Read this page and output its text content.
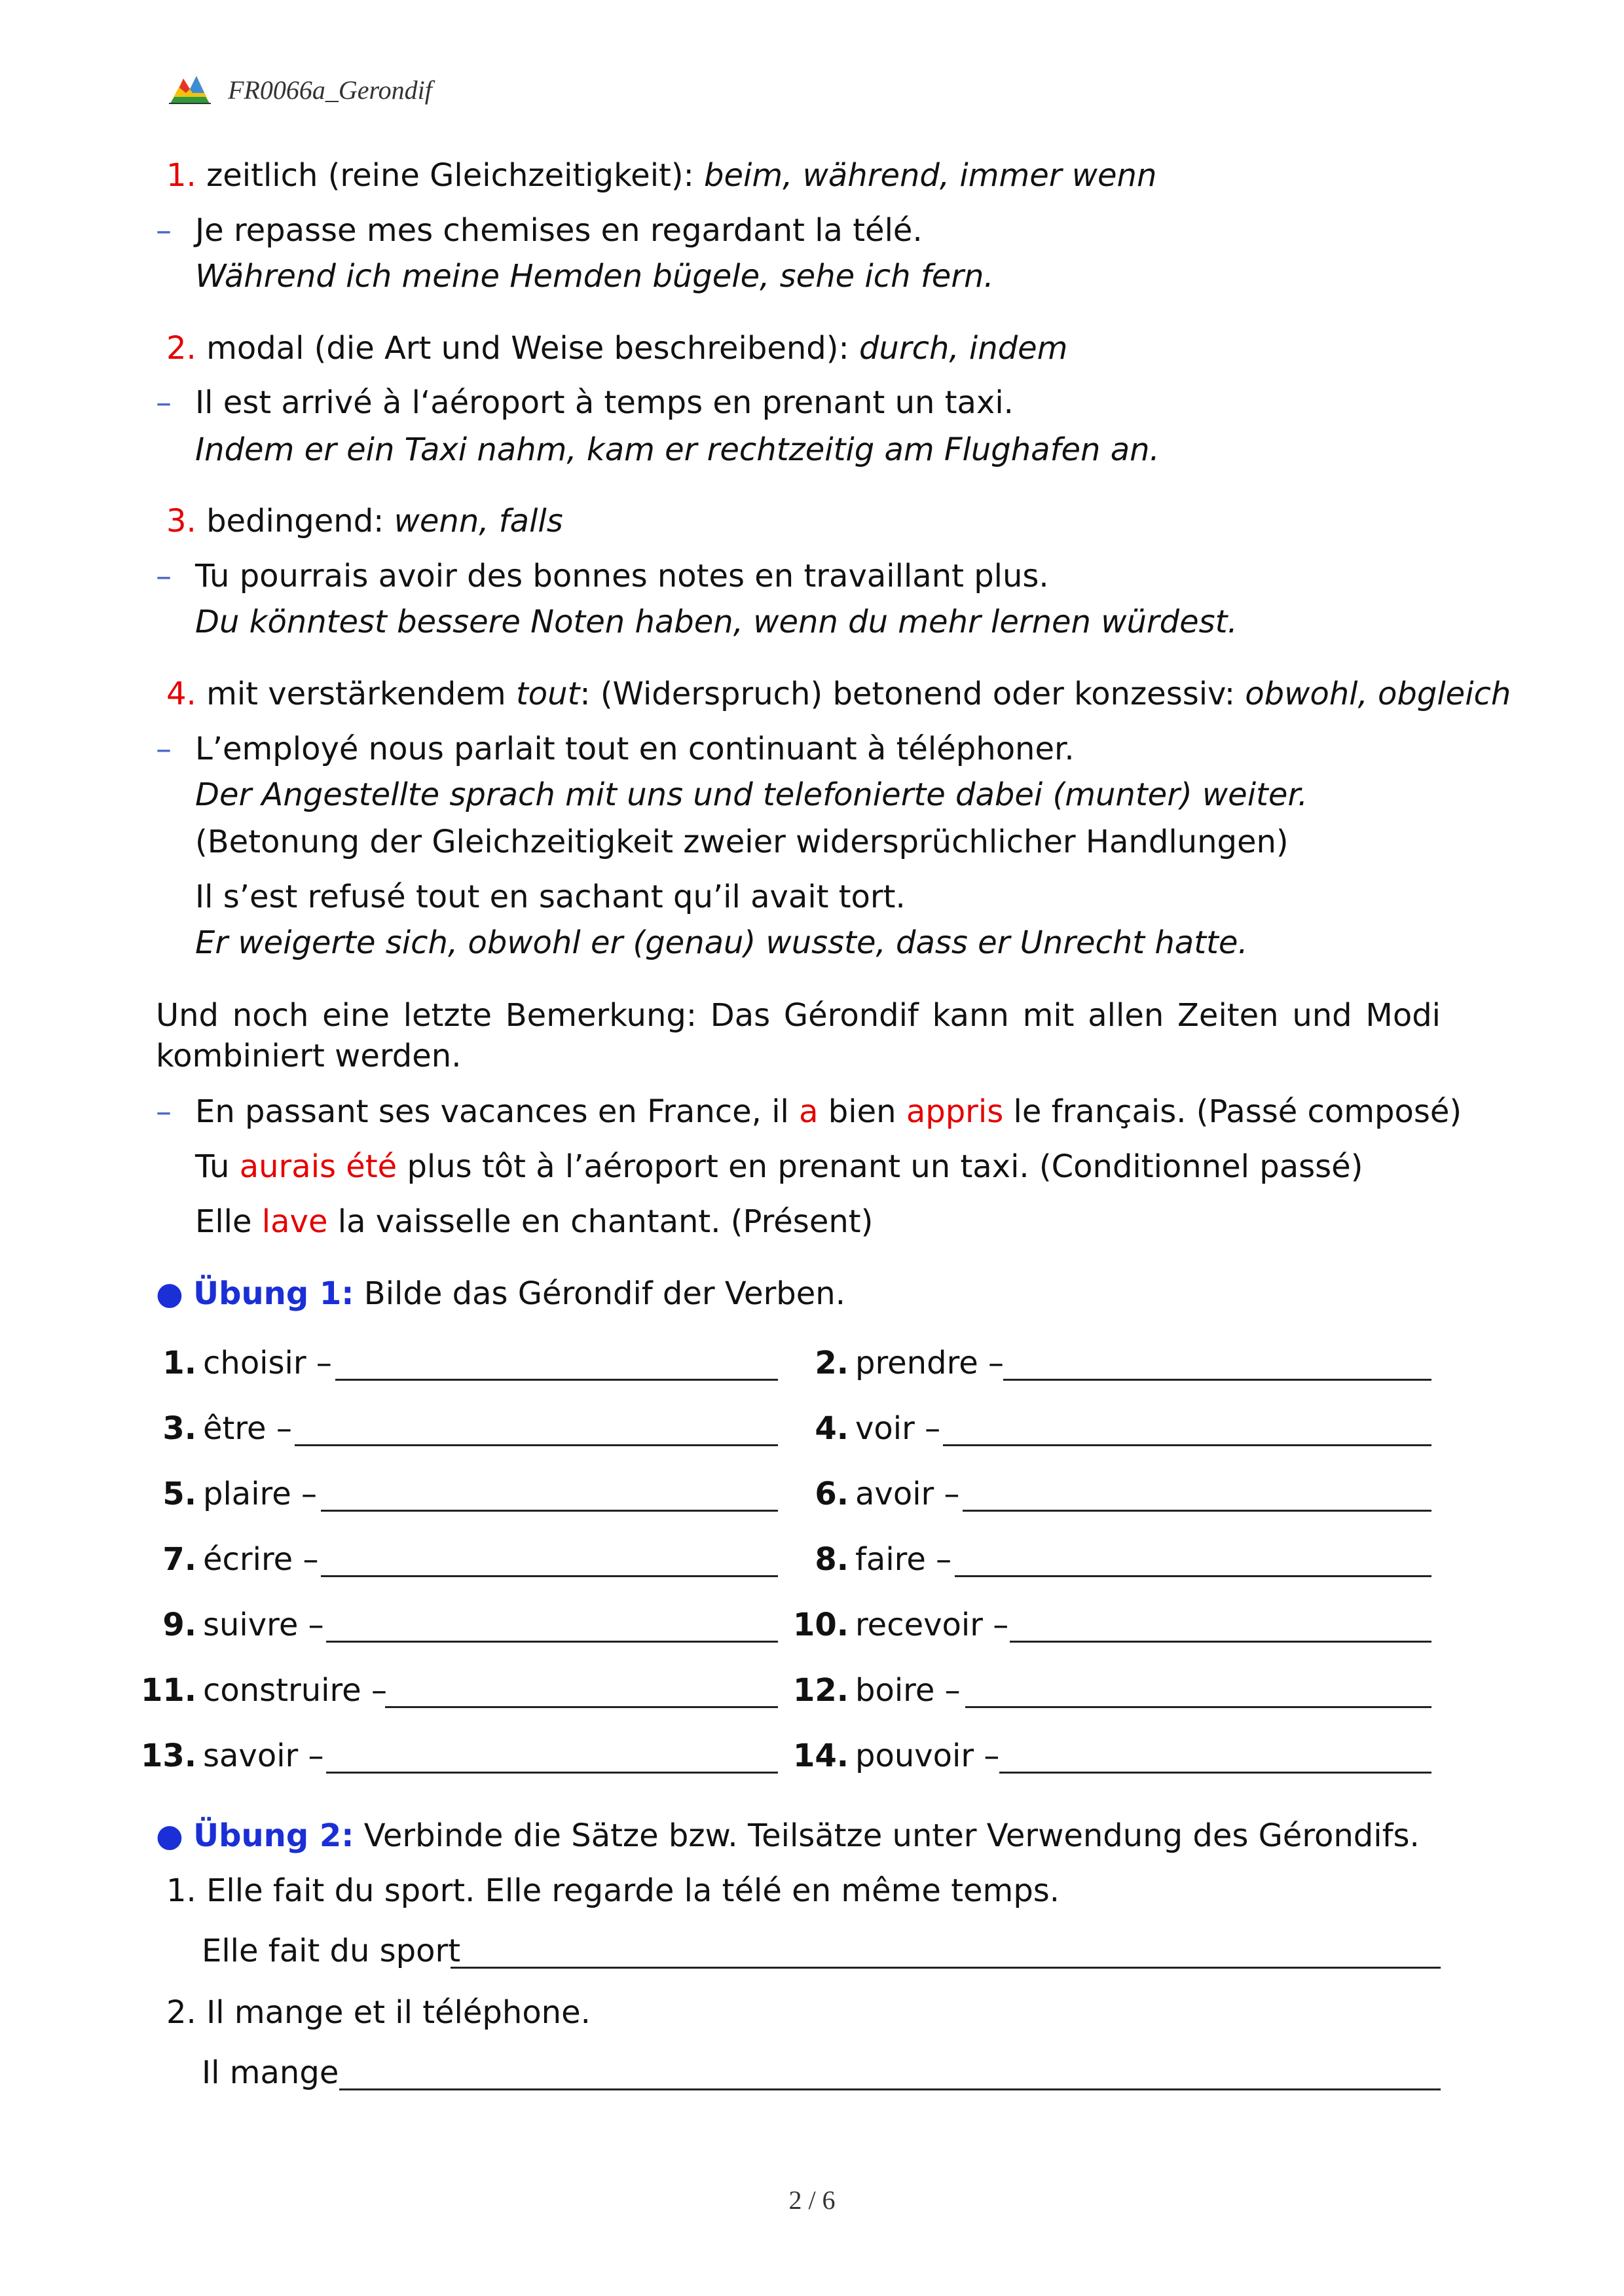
FR0066a_Gerondif
1. zeitlich (reine Gleichzeitigkeit): beim, während, immer wenn
– Je repasse mes chemises en regardant la télé.
Während ich meine Hemden bügele, sehe ich fern.
2. modal (die Art und Weise beschreibend): durch, indem
– Il est arrivé à l‘aéroport à temps en prenant un taxi.
Indem er ein Taxi nahm, kam er rechtzeitig am Flughafen an.
3. bedingend: wenn, falls
– Tu pourrais avoir des bonnes notes en travaillant plus.
Du könntest bessere Noten haben, wenn du mehr lernen würdest.
4. mit verstärkendem tout: (Widerspruch) betonend oder konzessiv: obwohl, obgleich
– L’employé nous parlait tout en continuant à téléphoner.
Der Angestellte sprach mit uns und telefonierte dabei (munter) weiter.
(Betonung der Gleichzeitigkeit zweier widersprüchlicher Handlungen)
Il s’est refusé tout en sachant qu’il avait tort.
Er weigerte sich, obwohl er (genau) wusste, dass er Unrecht hatte.
Und noch eine letzte Bemerkung: Das Gérondif kann mit allen Zeiten und Modi
kombiniert werden.
– En passant ses vacances en France, il a bien appris le français. (Passé composé)
Tu aurais été plus tôt à l’aéroport en prenant un taxi. (Conditionnel passé)
Elle lave la vaisselle en chantant. (Présent)
● Übung 1: Bilde das Gérondif der Verben.
1. choisir –	2. prendre –
3. être –	4. voir –
5. plaire –	6. avoir –
7. écrire –	8. faire –
9. suivre –	10. recevoir –
11. construire –	12. boire –
13. savoir –	14. pouvoir –
● Übung 2: Verbinde die Sätze bzw. Teilsätze unter Verwendung des Gérondifs.
1. Elle fait du sport. Elle regarde la télé en même temps.
Elle fait du sport
2. Il mange et il téléphone.
Il mange
2 / 6
